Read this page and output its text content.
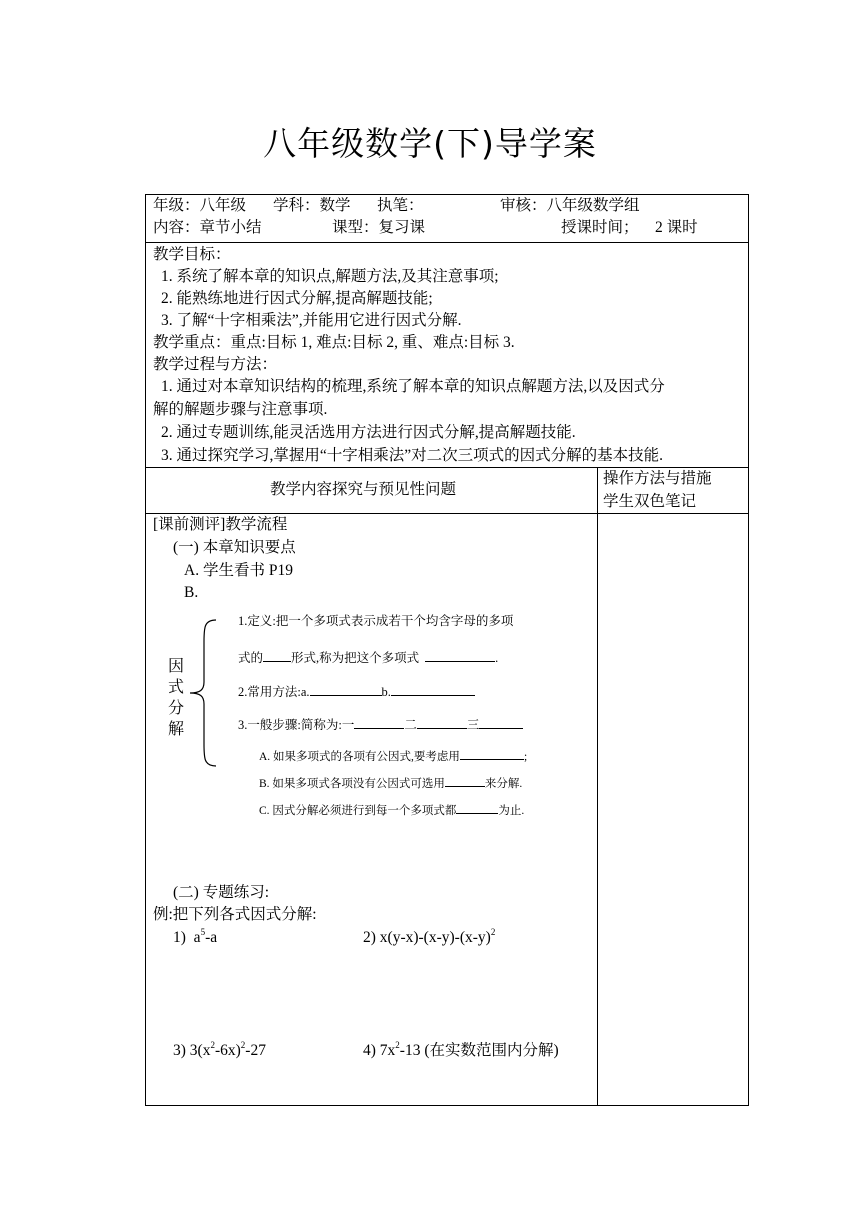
八年级数学(下)导学案
年级：八年级 学科：数学 执笔：	审核：八年级数学组
内容：章节小结	课型：复习课	授课时间； 2 课时
教学目标：
1. 系统了解本章的知识点,解题方法,及其注意事项;
2. 能熟练地进行因式分解,提高解题技能;
3. 了解“十字相乘法”,并能用它进行因式分解.
教学重点：重点:目标 1, 难点:目标 2, 重、难点:目标 3.
教学过程与方法：
1. 通过对本章知识结构的梳理,系统了解本章的知识点解题方法,以及因式分
解的解题步骤与注意事项.
2. 通过专题训练,能灵活选用方法进行因式分解,提高解题技能.
3. 通过探究学习,掌握用“十字相乘法”对二次三项式的因式分解的基本技能.
教学内容探究与预见性问题
操作方法与措施
学生双色笔记
[课前测评]教学流程
(一) 本章知识要点
A. 学生看书 P19
B.
因
式
分
解
1.定义:把一个多项式表示成若干个均含字母的多项
式的 形式,称为把这个多项式	.
2.常用方法:a.	b.
3.一般步骤:简称为:一	二	三
A. 如果多项式的各项有公因式,要考虑用	;
B. 如果多项式各项没有公因式可选用	来分解.
C. 因式分解必须进行到每一个多项式都	为止.
(二) 专题练习:
例:把下列各式因式分解:
1) $a^5-a$	2) $x(y-x)-(x-y)-(x-y)^2$
3) $3(x^2-6x)^2-27$	4) $7x^2-13$ (在实数范围内分解)
